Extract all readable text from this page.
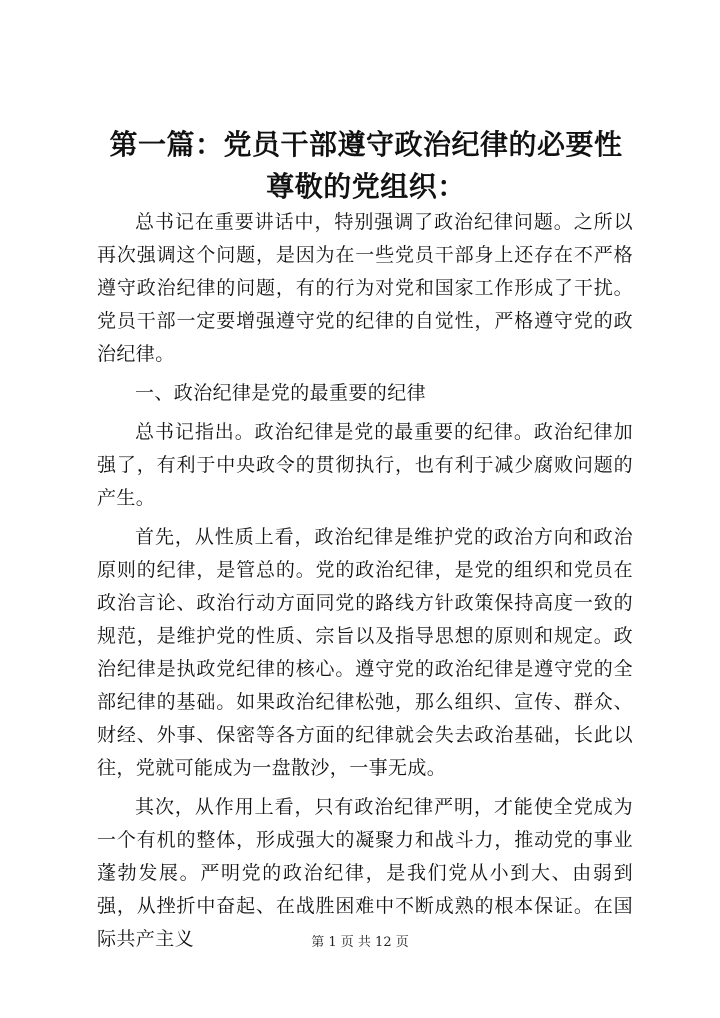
第一篇：党员干部遵守政治纪律的必要性尊敬的党组织：

总书记在重要讲话中，特别强调了政治纪律问题。之所以再次强调这个问题，是因为在一些党员干部身上还存在不严格遵守政治纪律的问题，有的行为对党和国家工作形成了干扰。党员干部一定要增强遵守党的纪律的自觉性，严格遵守党的政治纪律。

一、政治纪律是党的最重要的纪律

总书记指出。政治纪律是党的最重要的纪律。政治纪律加强了，有利于中央政令的贯彻执行，也有利于减少腐败问题的产生。

首先，从性质上看，政治纪律是维护党的政治方向和政治原则的纪律，是管总的。党的政治纪律，是党的组织和党员在政治言论、政治行动方面同党的路线方针政策保持高度一致的规范，是维护党的性质、宗旨以及指导思想的原则和规定。政治纪律是执政党纪律的核心。遵守党的政治纪律是遵守党的全部纪律的基础。如果政治纪律松弛，那么组织、宣传、群众、财经、外事、保密等各方面的纪律就会失去政治基础，长此以往，党就可能成为一盘散沙，一事无成。

其次，从作用上看，只有政治纪律严明，才能使全党成为一个有机的整体，形成强大的凝聚力和战斗力，推动党的事业蓬勃发展。严明党的政治纪律，是我们党从小到大、由弱到强，从挫折中奋起、在战胜困难中不断成熟的根本保证。在国际共产主义	第 1 页 共 12 页
